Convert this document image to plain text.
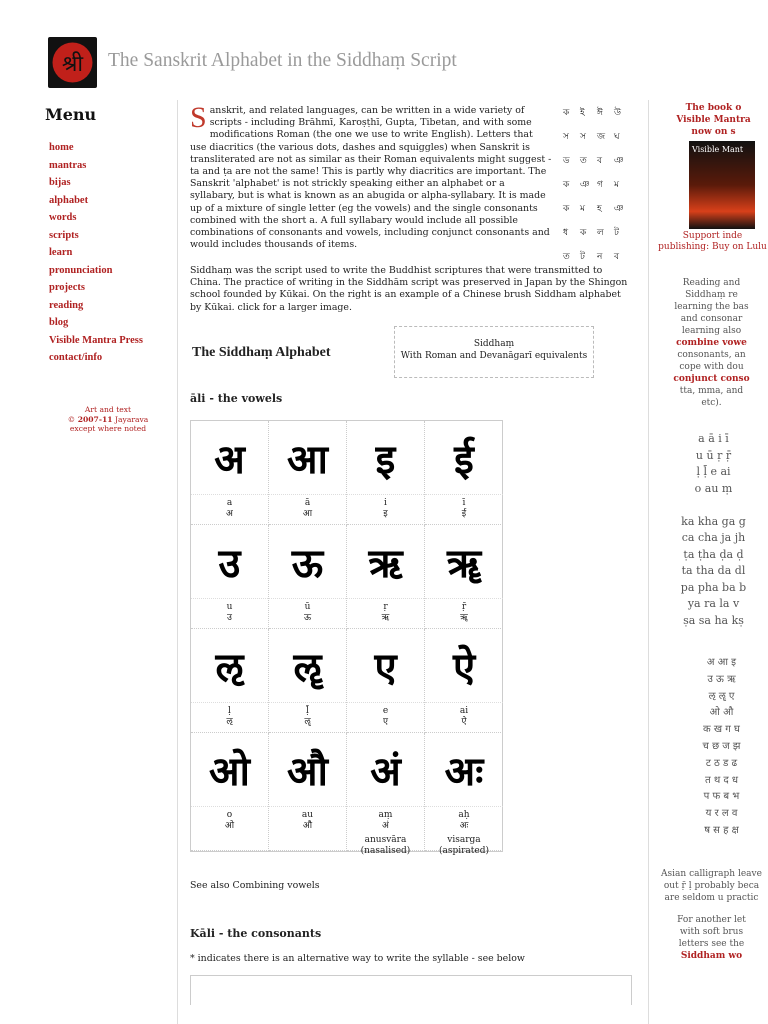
श्री The Sanskrit Alphabet in the Siddhaṃ Script
Menu
home
mantras
bijas
alphabet
words
scripts
learn
pronunciation
projects
reading
blog
Visible Mantra Press
contact/info
Art and text
© 2007-11 Jayarava
except where noted
Sanskrit, and related languages, can be written in a wide variety of scripts - including Brāhmī, Karoṣṭhī, Gupta, Tibetan, and with some modifications Roman (the one we use to write English). Letters that use diacritics (the various dots, dashes and squiggles) when Sanskrit is transliterated are not as similar as their Roman equivalents might suggest - ta and ṭa are not the same! This is partly why diacritics are important. The Sanskrit 'alphabet' is not strickly speaking either an alphabet or a syllabary, but is what is known as an abugida or alpha-syllabary. It is made up of a mixture of single letter (eg the vowels) and the single consonants combined with the short a. A full syllabary would include all possible combinations of consonants and vowels, including conjunct consonants and would includes thousands of items.
ক ই ঈ উ
স স জ ঘ
ড ত ব ঞ
ক ঞ গ ম
ক ম হ ঞ
ধ ক ল ট
ত ট ন ব
Siddhaṃ was the script used to write the Buddhist scriptures that were transmitted to China. The practice of writing in the Siddhām script was preserved in Japan by the Shingon school founded by Kūkai. On the right is an example of a Chinese brush Siddham alphabet by Kūkai. click for a larger image.
The Siddhaṃ Alphabet
Siddhaṃ
With Roman and Devanāgarī equivalents
āli - the vowels
अ
a
अ
आ
ā
आ
इ
i
इ
ई
ī
ई
उ
u
उ
ऊ
ū
ऊ
ऋ
ṛ
ऋ
ॠ
ṝ
ॠ
ऌ
ḷ
ऌ
ॡ
ḹ
ॡ
ए
e
ए
ऐ
ai
ऐ
ओ
o
ओ
औ
au
औ
अं
aṃ
अं
anusvāra (nasalised)
अः
aḥ
अः
visarga (aspirated)
See also Combining vowels
Kāli - the consonants
* indicates there is an alternative way to write the syllable - see below
The book o
Visible Mantra
now on s
Visible Mant
Support inde publishing: Buy on Lulu
Reading and
Siddhaṃ re
learning the bas
and consonar
learning also
combine vowe
consonants, an
cope with dou
conjunct conso
tta, mma, and
etc).
a ā i ī
u ū ṛ ṝ
ḷ ḹ e ai
o au ṃ
ka kha ga g
ca cha ja jh
ṭa ṭha ḍa ḍ
ta tha da dl
pa pha ba b
ya ra la v
ṣa sa ha kṣ
अ आ इ
उ ऊ ऋ
ऌ ॡ ए
ओ औ
क ख ग घ
च छ ज झ
ट ठ ड ढ
त थ द ध
प फ ब भ
य र ल व
ष स ह क्ष
Asian calligraph leave out ṝ ḷ probably beca are seldom u practic
For another let
with soft brus
letters see the
Siddham wo
